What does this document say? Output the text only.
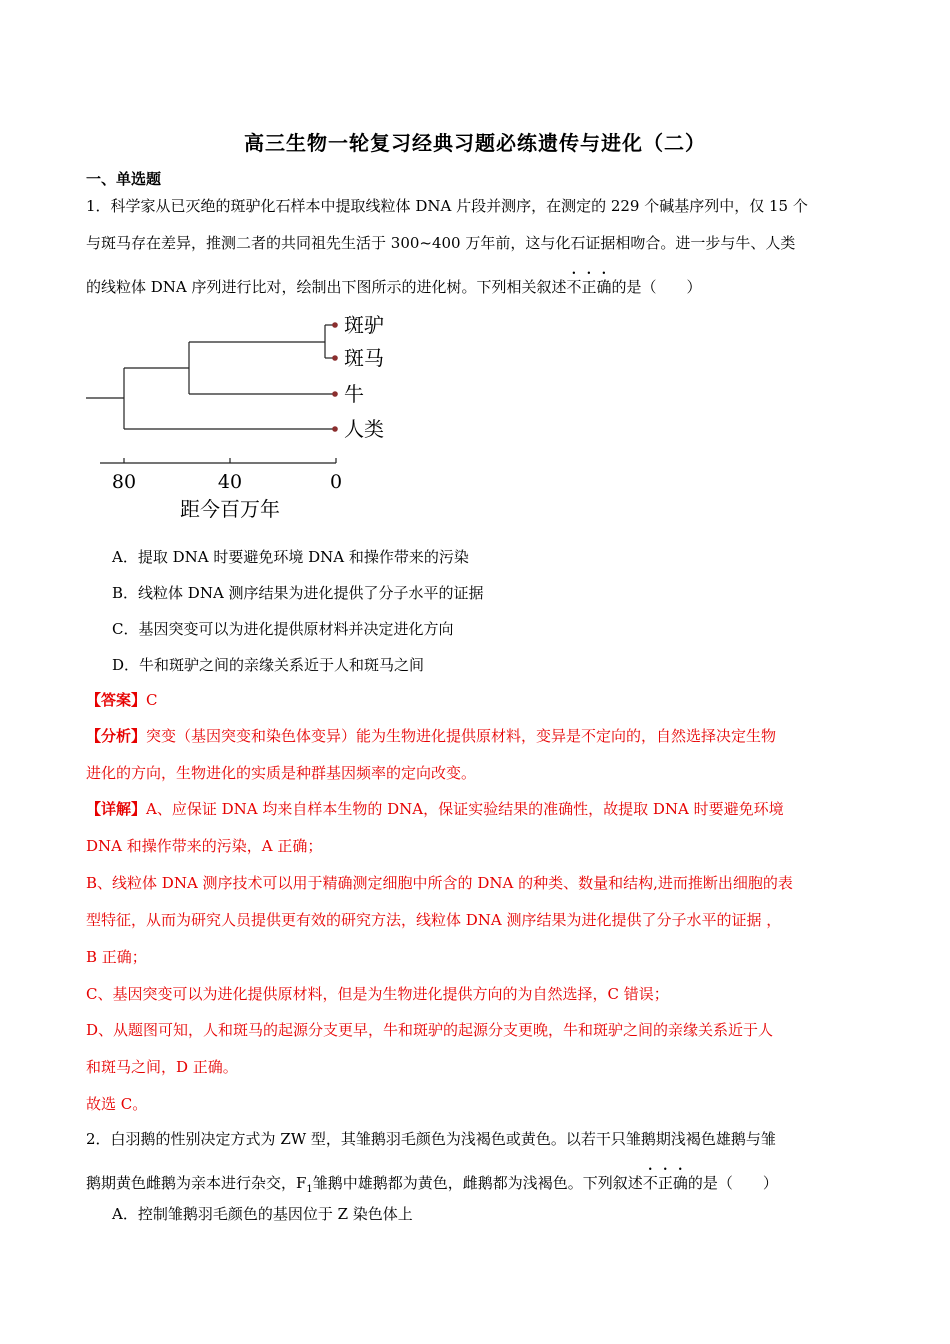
高三生物一轮复习经典习题必练遗传与进化（二）
一、单选题
1．科学家从已灭绝的斑驴化石样本中提取线粒体 DNA 片段并测序，在测定的 229 个碱基序列中，仅 15 个
与斑马存在差异，推测二者的共同祖先生活于 300~400 万年前，这与化石证据相吻合。进一步与牛、人类
的线粒体 DNA 序列进行比对，绘制出下图所示的进化树。下列相关叙述不正确的是（　　）
斑驴
斑马
牛
人类
80	40	0
距今百万年
A．提取 DNA 时要避免环境 DNA 和操作带来的污染
B．线粒体 DNA 测序结果为进化提供了分子水平的证据
C．基因突变可以为进化提供原材料并决定进化方向
D．牛和斑驴之间的亲缘关系近于人和斑马之间
【答案】C
【分析】突变（基因突变和染色体变异）能为生物进化提供原材料，变异是不定向的，自然选择决定生物
进化的方向，生物进化的实质是种群基因频率的定向改变。
【详解】A、应保证 DNA 均来自样本生物的 DNA，保证实验结果的准确性，故提取 DNA 时要避免环境
DNA 和操作带来的污染，A 正确；
B、线粒体 DNA 测序技术可以用于精确测定细胞中所含的 DNA 的种类、数量和结构,进而推断出细胞的表
型特征，从而为研究人员提供更有效的研究方法，线粒体 DNA 测序结果为进化提供了分子水平的证据 ，
B 正确；
C、基因突变可以为进化提供原材料，但是为生物进化提供方向的为自然选择，C 错误；
D、从题图可知，人和斑马的起源分支更早，牛和斑驴的起源分支更晚，牛和斑驴之间的亲缘关系近于人
和斑马之间，D 正确。
故选 C。
2．白羽鹅的性别决定方式为 ZW 型，其雏鹅羽毛颜色为浅褐色或黄色。以若干只雏鹅期浅褐色雄鹅与雏
鹅期黄色雌鹅为亲本进行杂交，$F_1$雏鹅中雄鹅都为黄色，雌鹅都为浅褐色。下列叙述不正确的是（　　）
A．控制雏鹅羽毛颜色的基因位于 Z 染色体上
